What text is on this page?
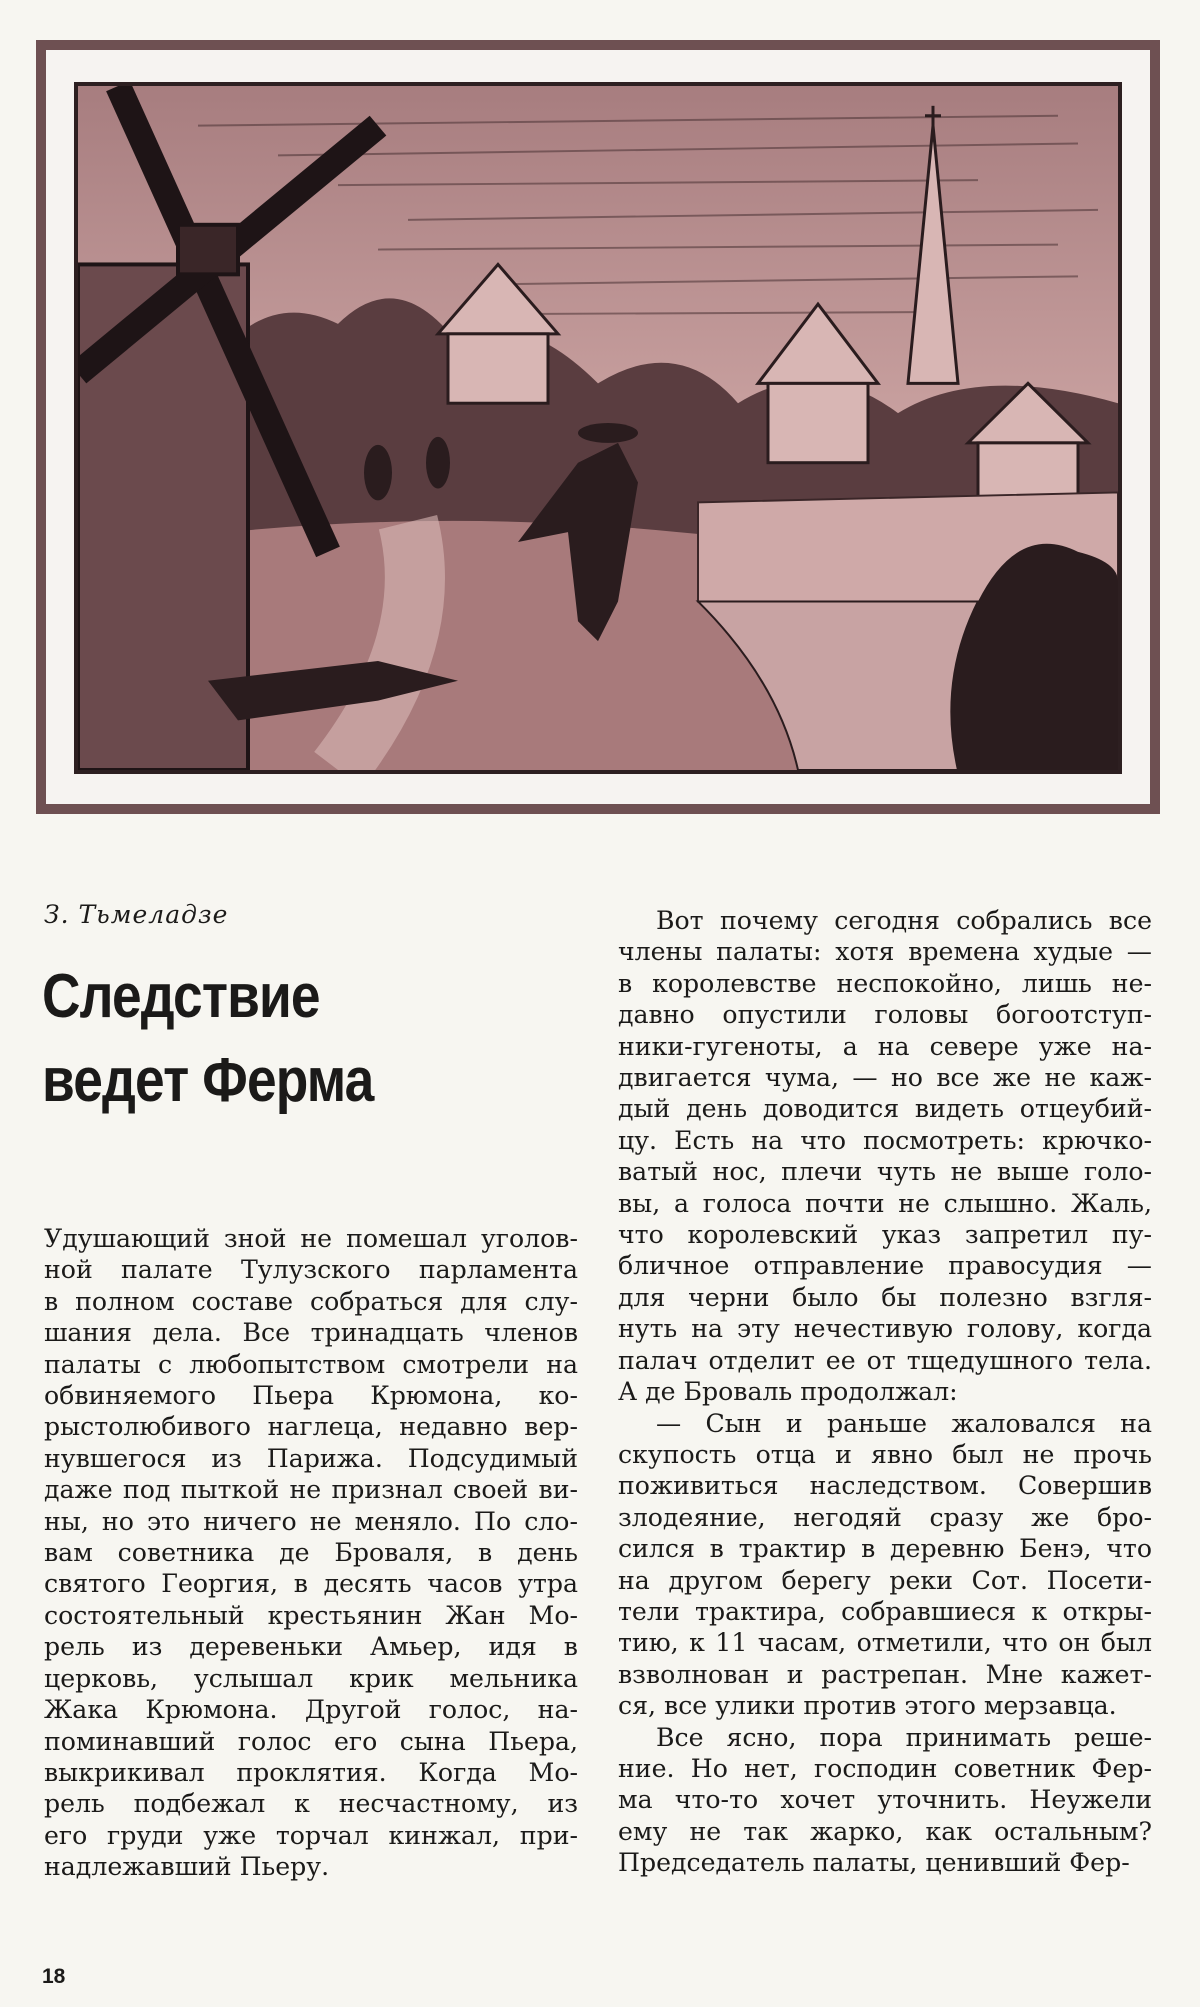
З. Тьмеладзе
Следствие
ведет Ферма
Удушающий зной не помешал уголов-
ной палате Тулузского парламента
в полном составе собраться для слу-
шания дела. Все тринадцать членов
палаты с любопытством смотрели на
обвиняемого Пьера Крюмона, ко-
рыстолюбивого наглеца, недавно вер-
нувшегося из Парижа. Подсудимый
даже под пыткой не признал своей ви-
ны, но это ничего не меняло. По сло-
вам советника де Броваля, в день
святого Георгия, в десять часов утра
состоятельный крестьянин Жан Мо-
рель из деревеньки Амьер, идя в
церковь, услышал крик мельника
Жака Крюмона. Другой голос, на-
поминавший голос его сына Пьера,
выкрикивал проклятия. Когда Мо-
рель подбежал к несчастному, из
его груди уже торчал кинжал, при-
надлежавший Пьеру.
Вот почему сегодня собрались все
члены палаты: хотя времена худые —
в королевстве неспокойно, лишь не-
давно опустили головы богоотступ-
ники-гугеноты, а на севере уже на-
двигается чума, — но все же не каж-
дый день доводится видеть отцеубий-
цу. Есть на что посмотреть: крючко-
ватый нос, плечи чуть не выше голо-
вы, а голоса почти не слышно. Жаль,
что королевский указ запретил пу-
бличное отправление правосудия —
для черни было бы полезно взгля-
нуть на эту нечестивую голову, когда
палач отделит ее от тщедушного тела.
А де Броваль продолжал:
— Сын и раньше жаловался на
скупость отца и явно был не прочь
поживиться наследством. Совершив
злодеяние, негодяй сразу же бро-
сился в трактир в деревню Бенэ, что
на другом берегу реки Сот. Посети-
тели трактира, собравшиеся к откры-
тию, к 11 часам, отметили, что он был
взволнован и растрепан. Мне кажет-
ся, все улики против этого мерзавца.
Все ясно, пора принимать реше-
ние. Но нет, господин советник Фер-
ма что-то хочет уточнить. Неужели
ему не так жарко, как остальным?
Председатель палаты, ценивший Фер-
18
